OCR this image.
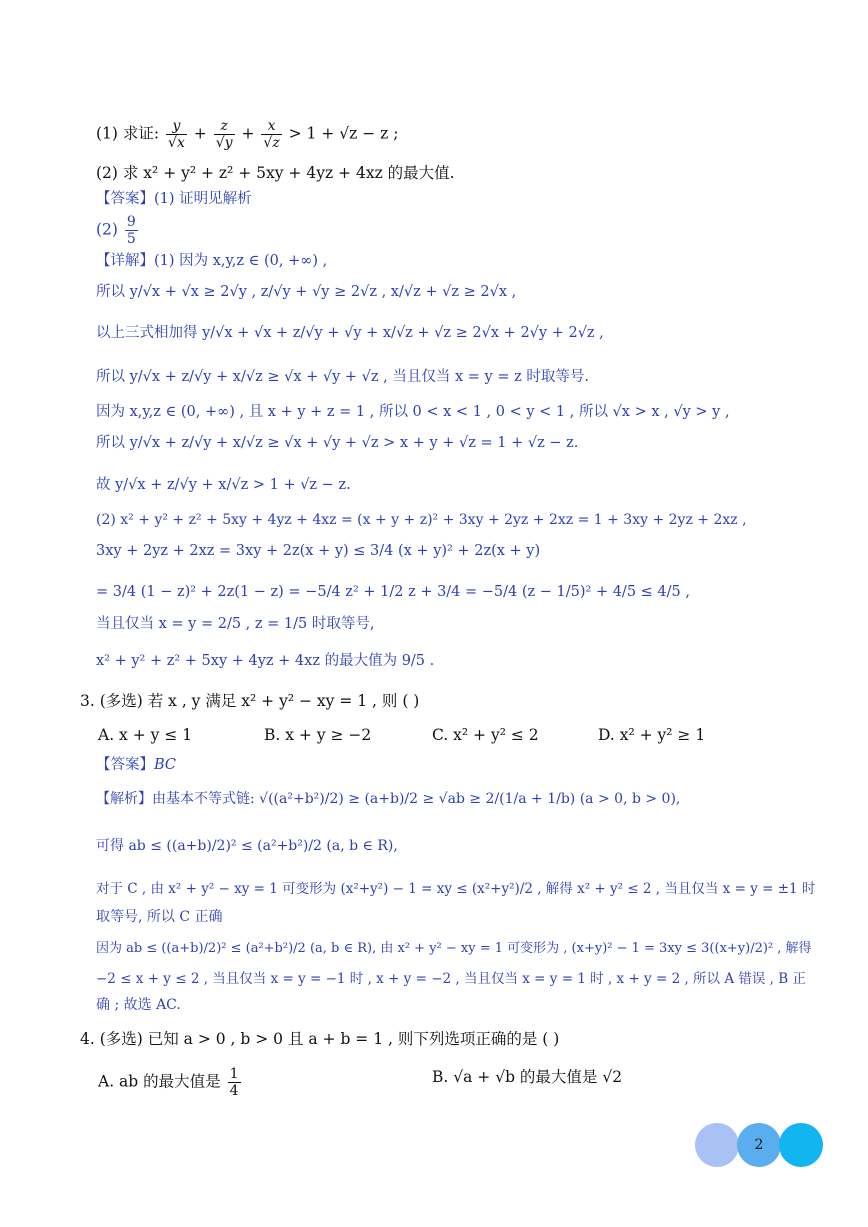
(1) 求证: $\frac{y}{√x} + \frac{z}{√y} + \frac{x}{√z} > 1 + √z - z$ ;
(2) 求 x² + y² + z² + 5xy + 4yz + 4xz 的最大值.
【答案】(1) 证明见解析
$(2) \frac{9}{5}$
【详解】(1) 因为 x,y,z ∈ (0, +∞) ,
所以 y/√x + √x ≥ 2√y , z/√y + √y ≥ 2√z , x/√z + √z ≥ 2√x ,
以上三式相加得 y/√x + √x + z/√y + √y + x/√z + √z ≥ 2√x + 2√y + 2√z ,
所以 y/√x + z/√y + x/√z ≥ √x + √y + √z , 当且仅当 x = y = z 时取等号.
因为 x,y,z ∈ (0, +∞) , 且 x + y + z = 1 , 所以 0 < x < 1 , 0 < y < 1 , 所以 √x > x , √y > y ,
所以 y/√x + z/√y + x/√z ≥ √x + √y + √z > x + y + √z = 1 + √z − z.
故 y/√x + z/√y + x/√z > 1 + √z − z.
(2) x² + y² + z² + 5xy + 4yz + 4xz = (x + y + z)² + 3xy + 2yz + 2xz = 1 + 3xy + 2yz + 2xz ,
3xy + 2yz + 2xz = 3xy + 2z(x + y) ≤ 3/4 (x + y)² + 2z(x + y)
= 3/4 (1 − z)² + 2z(1 − z) = −5/4 z² + 1/2 z + 3/4 = −5/4 (z − 1/5)² + 4/5 ≤ 4/5 ,
当且仅当 x = y = 2/5 , z = 1/5 时取等号,
x² + y² + z² + 5xy + 4yz + 4xz 的最大值为 9/5 .
3. (多选) 若 x , y 满足 x² + y² − xy = 1 , 则 ( )
A. x + y ≤ 1	B. x + y ≥ −2	C. x² + y² ≤ 2	D. x² + y² ≥ 1
【答案】BC
【解析】由基本不等式链: √((a²+b²)/2) ≥ (a+b)/2 ≥ √ab ≥ 2/(1/a + 1/b) (a > 0, b > 0),
可得 ab ≤ ((a+b)/2)² ≤ (a²+b²)/2 (a, b ∈ R),
对于 C , 由 x² + y² − xy = 1 可变形为 (x²+y²) − 1 = xy ≤ (x²+y²)/2 , 解得 x² + y² ≤ 2 , 当且仅当 x = y = ±1 时
取等号, 所以 C 正确
因为 ab ≤ ((a+b)/2)² ≤ (a²+b²)/2 (a, b ∈ R), 由 x² + y² − xy = 1 可变形为 , (x+y)² − 1 = 3xy ≤ 3((x+y)/2)² , 解得
−2 ≤ x + y ≤ 2 , 当且仅当 x = y = −1 时 , x + y = −2 , 当且仅当 x = y = 1 时 , x + y = 2 , 所以 A 错误 , B 正
确 ; 故选 AC.
4. (多选) 已知 a > 0 , b > 0 且 a + b = 1 , 则下列选项正确的是 ( )
A. ab 的最大值是 $\frac{1}{4}$	B. √a + √b 的最大值是 √2
2
